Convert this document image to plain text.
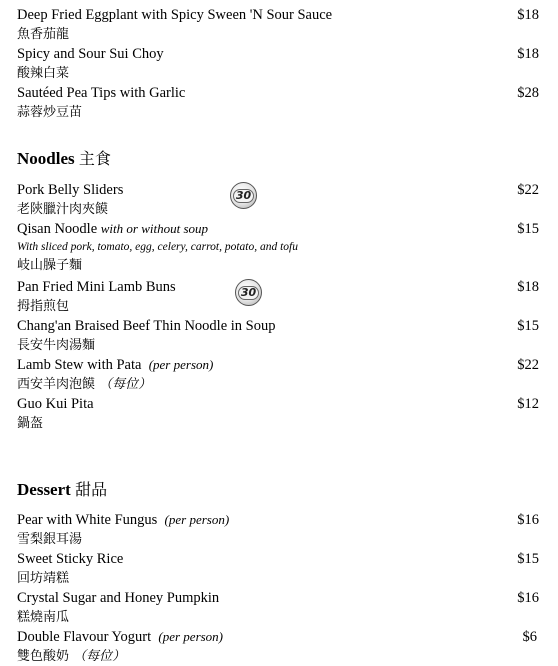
Deep Fried Eggplant with Spicy Sween 'N Sour Sauce
魚香茄龍
$18
Spicy and Sour Sui Choy
酸辣白菜
$18
Sautéed Pea Tips with Garlic
蒜蓉炒豆苗
$28
Noodles 主食
Pork Belly Sliders
老陝臘汁肉夾饃
$22
30
Qisan Noodle with or without soup
With sliced pork, tomato, egg, celery, carrot, potato, and tofu
岐山臊子麵
$15
Pan Fried Mini Lamb Buns
拇指煎包
$18
30
Chang'an Braised Beef Thin Noodle in Soup
長安牛肉湯麵
$15
Lamb Stew with Pata (per person)
西安羊肉泡饃 （每位）
$22
Guo Kui Pita
鍋盔
$12
Dessert 甜品
Pear with White Fungus (per person)
雪梨銀耳湯
$16
Sweet Sticky Rice
回坊靖糕
$15
Crystal Sugar and Honey Pumpkin
糕燒南瓜
$16
Double Flavour Yogurt (per person)
雙色酸奶 （每位）
$6
